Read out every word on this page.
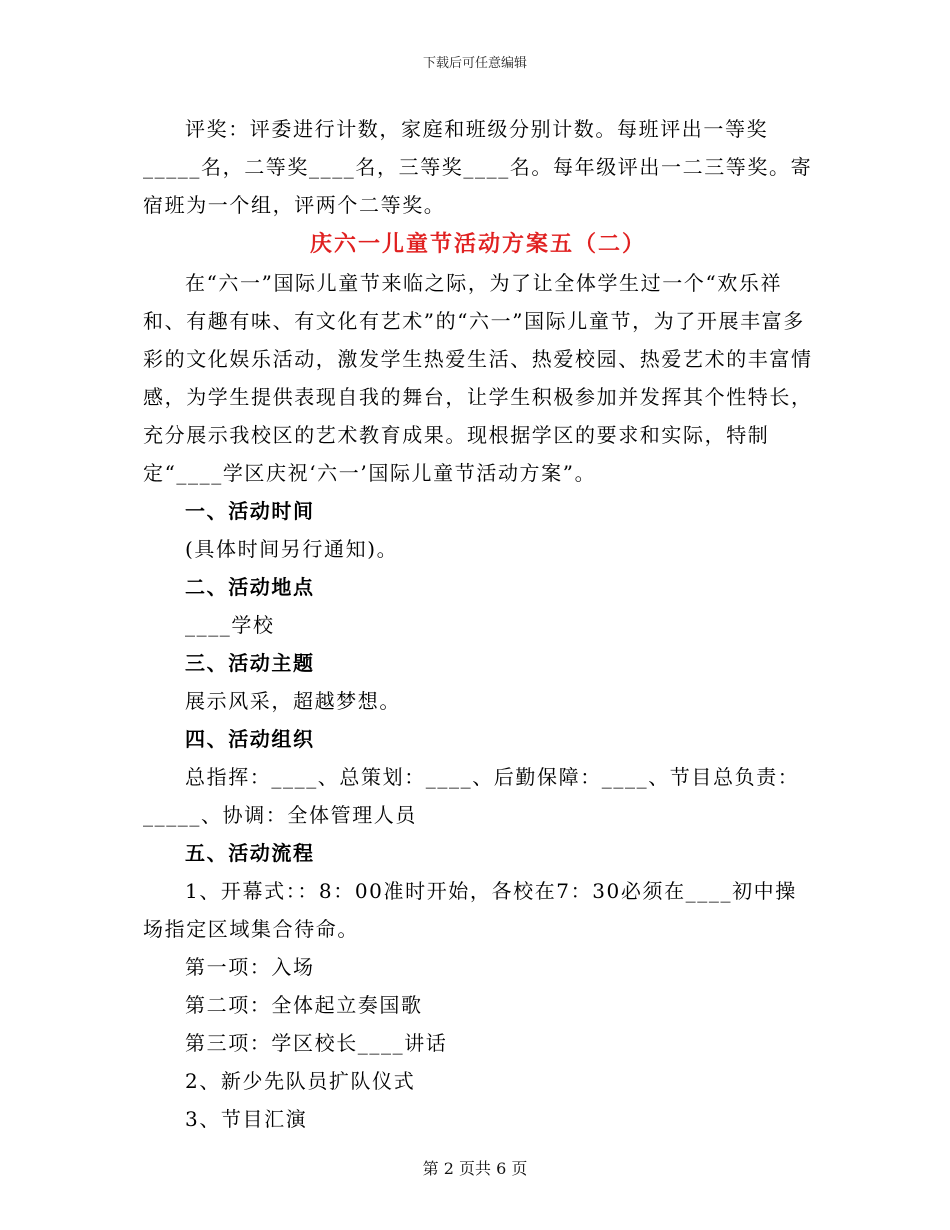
下载后可任意编辑

评奖：评委进行计数，家庭和班级分别计数。每班评出一等奖_____名，二等奖____名，三等奖____名。每年级评出一二三等奖。寄宿班为一个组，评两个二等奖。

庆六一儿童节活动方案五（二）

在“六一”国际儿童节来临之际，为了让全体学生过一个“欢乐祥和、有趣有味、有文化有艺术”的“六一”国际儿童节，为了开展丰富多彩的文化娱乐活动，激发学生热爱生活、热爱校园、热爱艺术的丰富情感，为学生提供表现自我的舞台，让学生积极参加并发挥其个性特长，充分展示我校区的艺术教育成果。现根据学区的要求和实际，特制定“____学区庆祝‘六一’国际儿童节活动方案”。

一、活动时间

(具体时间另行通知)。

二、活动地点

____学校

三、活动主题

展示风采，超越梦想。

四、活动组织

总指挥：____、总策划：____、后勤保障：____、节目总负责：_____、协调：全体管理人员

五、活动流程

1、开幕式：：8：00准时开始，各校在7：30必须在____初中操场指定区域集合待命。

第一项：入场

第二项：全体起立奏国歌

第三项：学区校长____讲话

2、新少先队员扩队仪式

3、节目汇演

第 2 页共 6 页
